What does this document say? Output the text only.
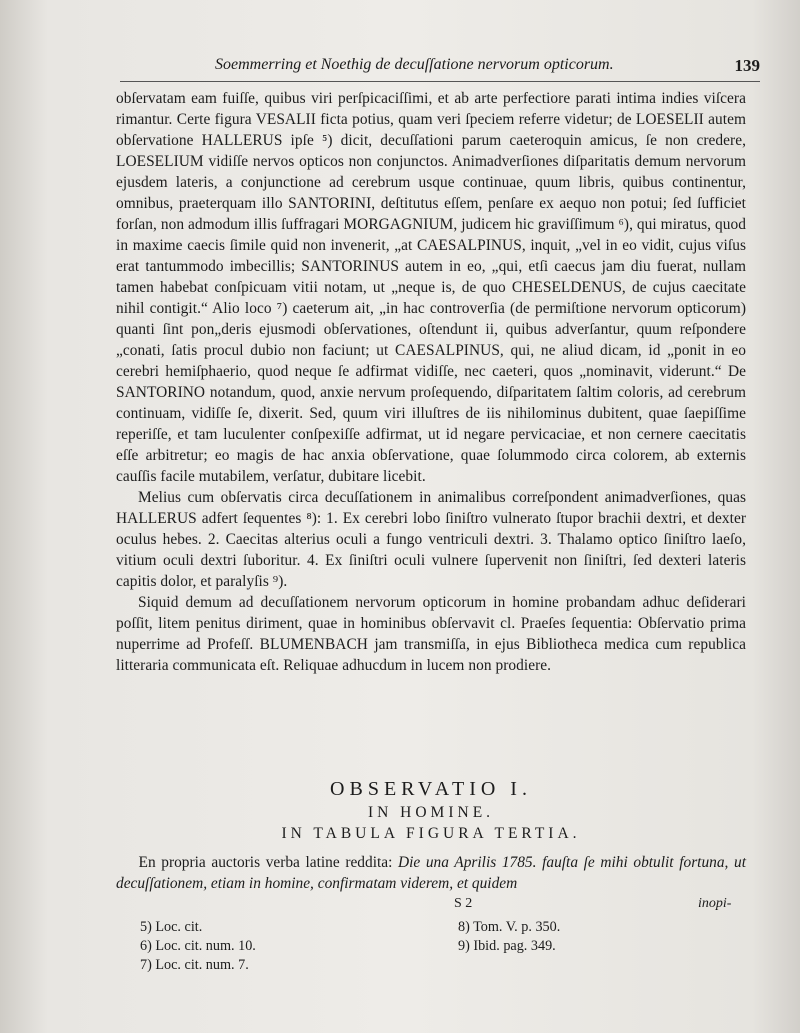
Soemmerring et Noethig de decuſſatione nervorum opticorum.	139

obſervatam eam fuiſſe, quibus viri perſpicaciſſimi, et ab arte perfectiore parati intima indies viſcera rimantur. Certe figura VESALII ficta potius, quam veri ſpeciem referre videtur; de LOESELII autem obſervatione HALLERUS ipſe ⁵) dicit, decuſſationi parum caeteroquin amicus, ſe non credere, LOESELIUM vidiſſe nervos opticos non conjunctos. Animadverſiones diſparitatis demum nervorum ejusdem lateris, a conjunctione ad cerebrum usque continuae, quum libris, quibus continentur, omnibus, praeterquam illo SANTORINI, deſtitutus eſſem, penſare ex aequo non potui; ſed ſufficiet forſan, non admodum illis ſuffragari MORGAGNIUM, judicem hic graviſſimum ⁶), qui miratus, quod in maxime caecis ſimile quid non invenerit, „at CAESALPINUS, inquit, „vel in eo vidit, cujus viſus erat tantummodo imbecillis; SANTORINUS autem in eo, „qui, etſi caecus jam diu fuerat, nullam tamen habebat conſpicuam vitii notam, ut „neque is, de quo CHESELDENUS, de cujus caecitate nihil contigit.“ Alio loco ⁷) caeterum ait, „in hac controverſia (de permiſtione nervorum opticorum) quanti ſint pon„deris ejusmodi obſervationes, oſtendunt ii, quibus adverſantur, quum reſpondere „conati, ſatis procul dubio non faciunt; ut CAESALPINUS, qui, ne aliud dicam, id „ponit in eo cerebri hemiſphaerio, quod neque ſe adfirmat vidiſſe, nec caeteri, quos „nominavit, viderunt.“ De SANTORINO notandum, quod, anxie nervum proſequendo, diſparitatem ſaltim coloris, ad cerebrum continuam, vidiſſe ſe, dixerit. Sed, quum viri illuſtres de iis nihilominus dubitent, quae ſaepiſſime reperiſſe, et tam luculenter conſpexiſſe adfirmat, ut id negare pervicaciae, et non cernere caecitatis eſſe arbitretur; eo magis de hac anxia obſervatione, quae ſolummodo circa colorem, ab externis cauſſis facile mutabilem, verſatur, dubitare licebit.

Melius cum obſervatis circa decuſſationem in animalibus correſpondent animadverſiones, quas HALLERUS adfert ſequentes ⁸): 1. Ex cerebri lobo ſiniſtro vulnerato ſtupor brachii dextri, et dexter oculus hebes. 2. Caecitas alterius oculi a fungo ventriculi dextri. 3. Thalamo optico ſiniſtro laeſo, vitium oculi dextri ſuboritur. 4. Ex ſiniſtri oculi vulnere ſupervenit non ſiniſtri, ſed dexteri lateris capitis dolor, et paralyſis ⁹).

Siquid demum ad decuſſationem nervorum opticorum in homine probandam adhuc deſiderari poſſit, litem penitus diriment, quae in hominibus obſervavit cl. Praeſes ſequentia: Obſervatio prima nuperrime ad Profeſſ. BLUMENBACH jam transmiſſa, in ejus Bibliotheca medica cum republica litteraria communicata eſt. Reliquae adhucdum in lucem non prodiere.

OBSERVATIO I.
IN HOMINE.
IN TABULA FIGURA TERTIA.
En propria auctoris verba latine reddita: Die una Aprilis 1785. fauſta ſe mihi obtulit fortuna, ut decuſſationem, etiam in homine, confirmatam viderem, et quidem
S 2	inopi-
5) Loc. cit.
6) Loc. cit. num. 10.
7) Loc. cit. num. 7.
8) Tom. V. p. 350.
9) Ibid. pag. 349.
